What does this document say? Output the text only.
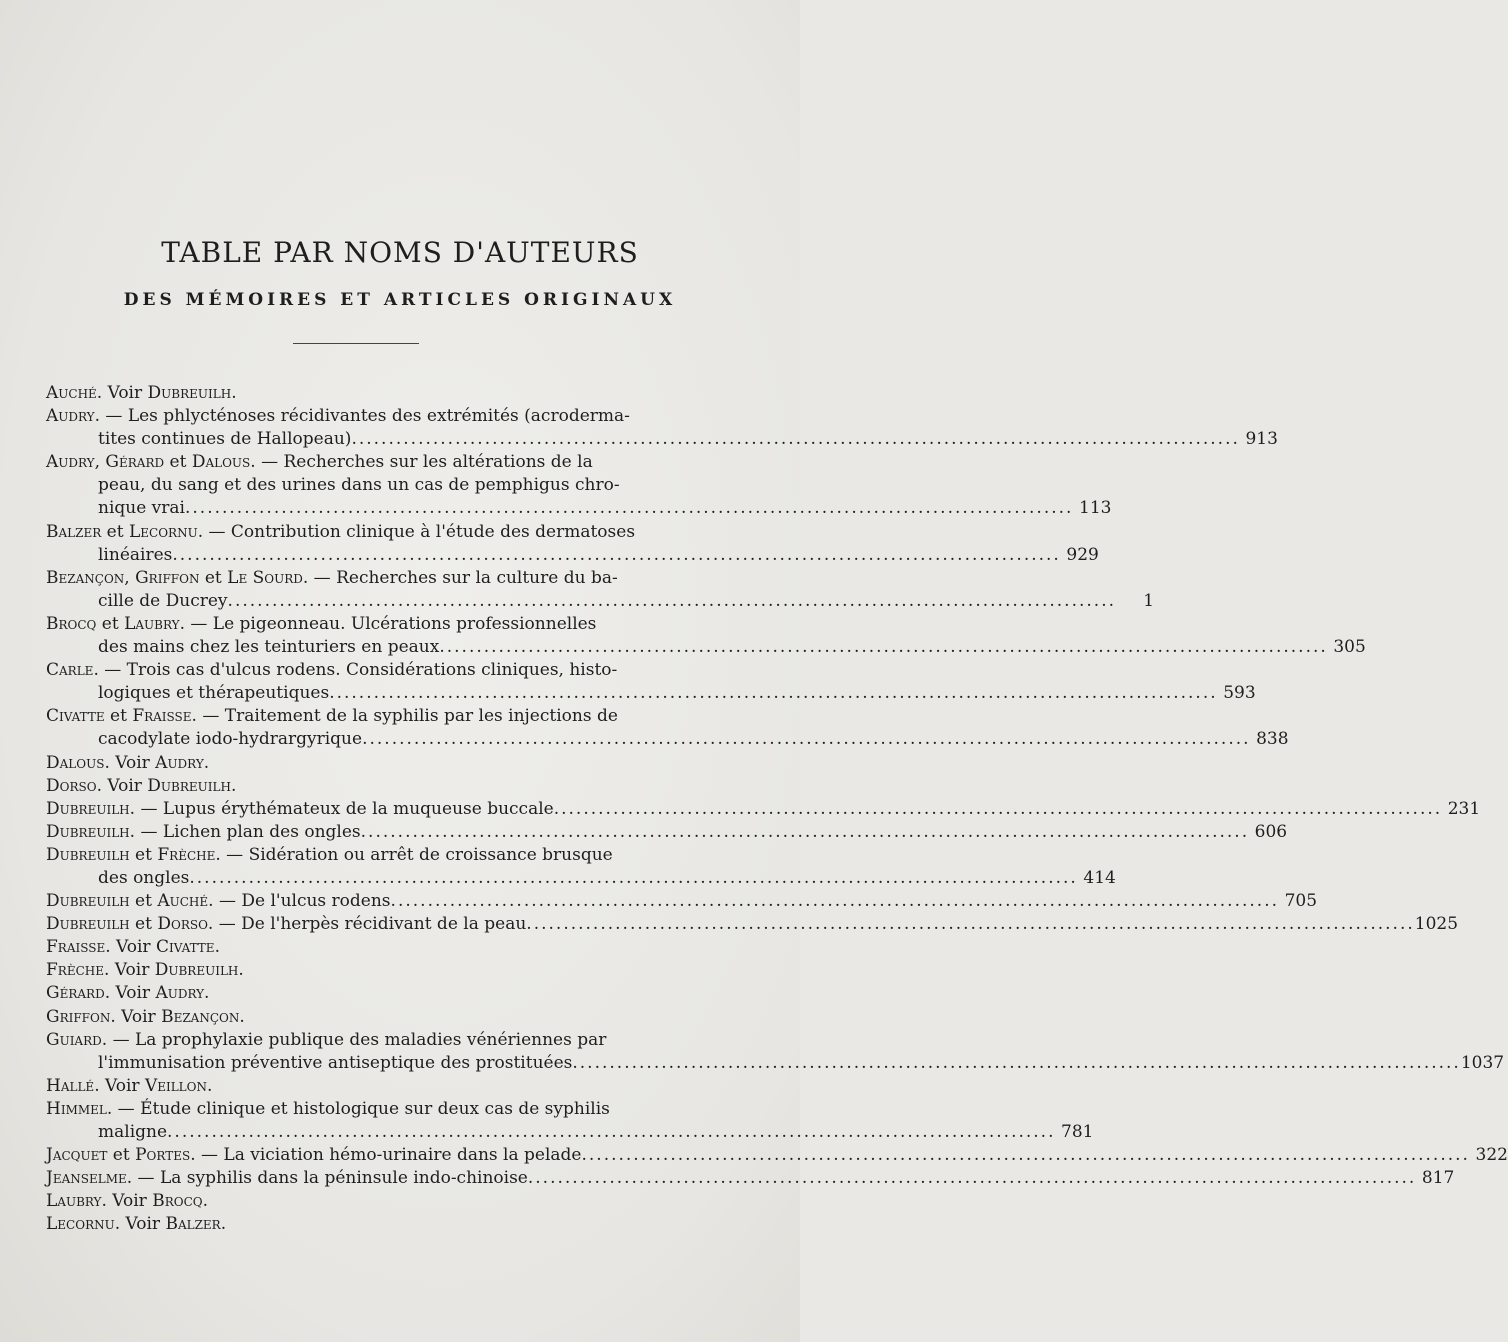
TABLE PAR NOMS D'AUTEURS
DES MÉMOIRES ET ARTICLES ORIGINAUX
Auché. Voir Dubreuilh.
Audry. — Les phlycténoses récidivantes des extrémités (acroderma-
tites continues de Hallopeau) ........................................................................................................................ 913
Audry, Gérard et Dalous. — Recherches sur les altérations de la
peau, du sang et des urines dans un cas de pemphigus chro-
nique vrai ........................................................................................................................ 113
Balzer et Lecornu. — Contribution clinique à l'étude des dermatoses
linéaires ........................................................................................................................ 929
Bezançon, Griffon et Le Sourd. — Recherches sur la culture du ba-
cille de Ducrey ........................................................................................................................	1
Brocq et Laubry. — Le pigeonneau. Ulcérations professionnelles
des mains chez les teinturiers en peaux ........................................................................................................................ 305
Carle. — Trois cas d'ulcus rodens. Considérations cliniques, histo-
logiques et thérapeutiques ........................................................................................................................ 593
Civatte et Fraisse. — Traitement de la syphilis par les injections de
cacodylate iodo-hydrargyrique ........................................................................................................................ 838
Dalous. Voir Audry.
Dorso. Voir Dubreuilh.
Dubreuilh. — Lupus érythémateux de la muqueuse buccale ........................................................................................................................ 231
Dubreuilh. — Lichen plan des ongles ........................................................................................................................ 606
Dubreuilh et Frèche. — Sidération ou arrêt de croissance brusque
des ongles ........................................................................................................................ 414
Dubreuilh et Auché. — De l'ulcus rodens ........................................................................................................................ 705
Dubreuilh et Dorso. — De l'herpès récidivant de la peau ........................................................................................................................ 1025
Fraisse. Voir Civatte.
Frèche. Voir Dubreuilh.
Gérard. Voir Audry.
Griffon. Voir Bezançon.
Guiard. — La prophylaxie publique des maladies vénériennes par
l'immunisation préventive antiseptique des prostituées ........................................................................................................................ 1037
Hallé. Voir Veillon.
Himmel. — Étude clinique et histologique sur deux cas de syphilis
maligne ........................................................................................................................ 781
Jacquet et Portes. — La viciation hémo-urinaire dans la pelade ........................................................................................................................ 322
Jeanselme. — La syphilis dans la péninsule indo-chinoise ........................................................................................................................ 817
Laubry. Voir Brocq.
Lecornu. Voir Balzer.
